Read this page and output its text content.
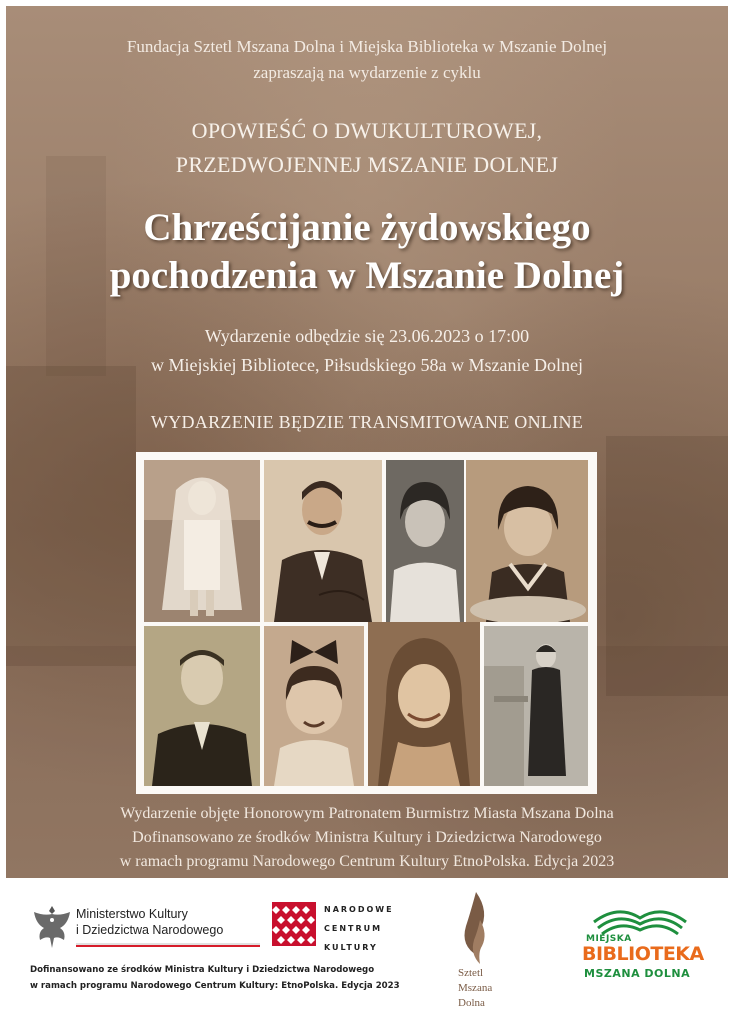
Fundacja Sztetl Mszana Dolna i Miejska Biblioteka w Mszanie Dolnej
zapraszają na wydarzenie z cyklu
OPOWIEŚĆ O DWUKULTUROWEJ,
PRZEDWOJENNEJ MSZANIE DOLNEJ
Chrześcijanie żydowskiego
pochodzenia w Mszanie Dolnej
Wydarzenie odbędzie się 23.06.2023 o 17:00
w Miejskiej Bibliotece, Piłsudskiego 58a w Mszanie Dolnej
WYDARZENIE BĘDZIE TRANSMITOWANE ONLINE
Wydarzenie objęte Honorowym Patronatem Burmistrz Miasta Mszana Dolna
Dofinansowano ze środków Ministra Kultury i Dziedzictwa Narodowego
w ramach programu Narodowego Centrum Kultury EtnoPolska. Edycja 2023
Ministerstwo Kultury
i Dziedzictwa Narodowego
NARODOWE
CENTRUM
KULTURY
Sztetl
Mszana
Dolna
MIEJSKA
BIBLIOTEKA
MSZANA DOLNA
Dofinansowano ze środków Ministra Kultury i Dziedzictwa Narodowego
w ramach programu Narodowego Centrum Kultury: EtnoPolska. Edycja 2023
